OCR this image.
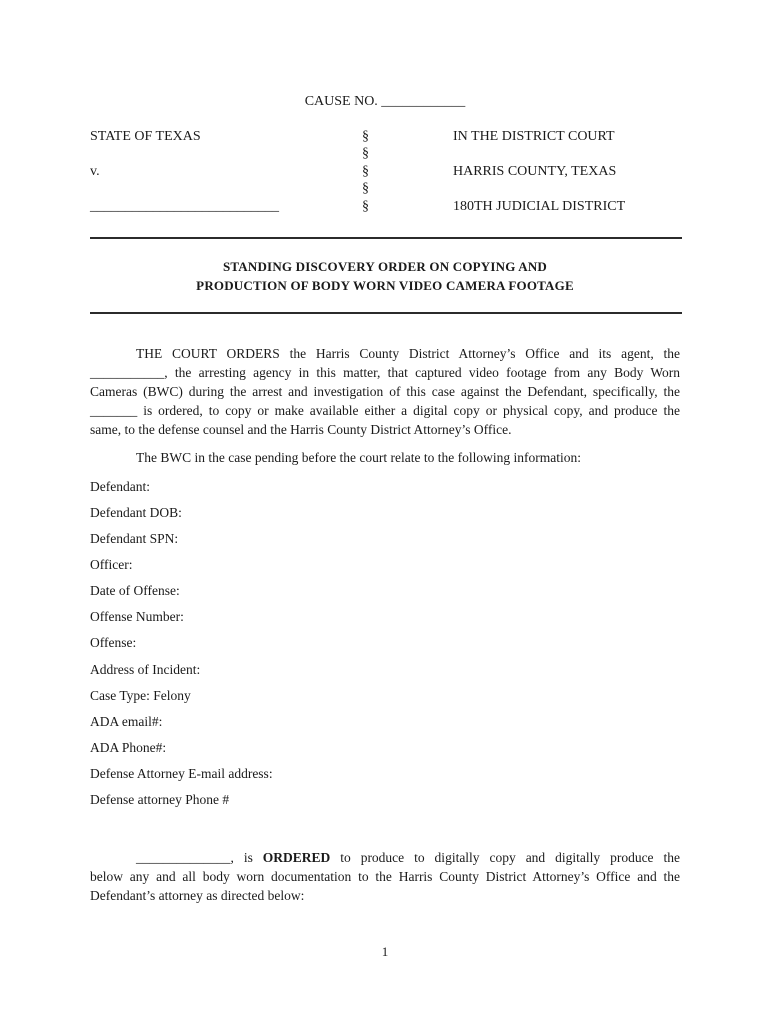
CAUSE NO. ____________
STATE OF TEXAS
v.
___________________________
§
§
§
§
§
IN THE DISTRICT COURT
HARRIS COUNTY, TEXAS
180TH JUDICIAL DISTRICT
STANDING DISCOVERY ORDER ON COPYING AND
PRODUCTION OF BODY WORN VIDEO CAMERA FOOTAGE
THE COURT ORDERS the Harris County District Attorney’s Office and its agent, the
___________, the arresting agency in this matter, that captured video footage from any Body Worn
Cameras (BWC) during the arrest and investigation of this case against the Defendant, specifically, the
_______ is ordered, to copy or make available either a digital copy or physical copy, and produce the
same, to the defense counsel and the Harris County District Attorney’s Office.
The BWC in the case pending before the court relate to the following information:
Defendant:
Defendant DOB:
Defendant SPN:
Officer:
Date of Offense:
Offense Number:
Offense:
Address of Incident:
Case Type: Felony
ADA email#:
ADA Phone#:
Defense Attorney E-mail address:
Defense attorney Phone #
______________, is ORDERED to produce to digitally copy and digitally produce the
below any and all body worn documentation to the Harris County District Attorney’s Office and the
Defendant’s attorney as directed below:
1
